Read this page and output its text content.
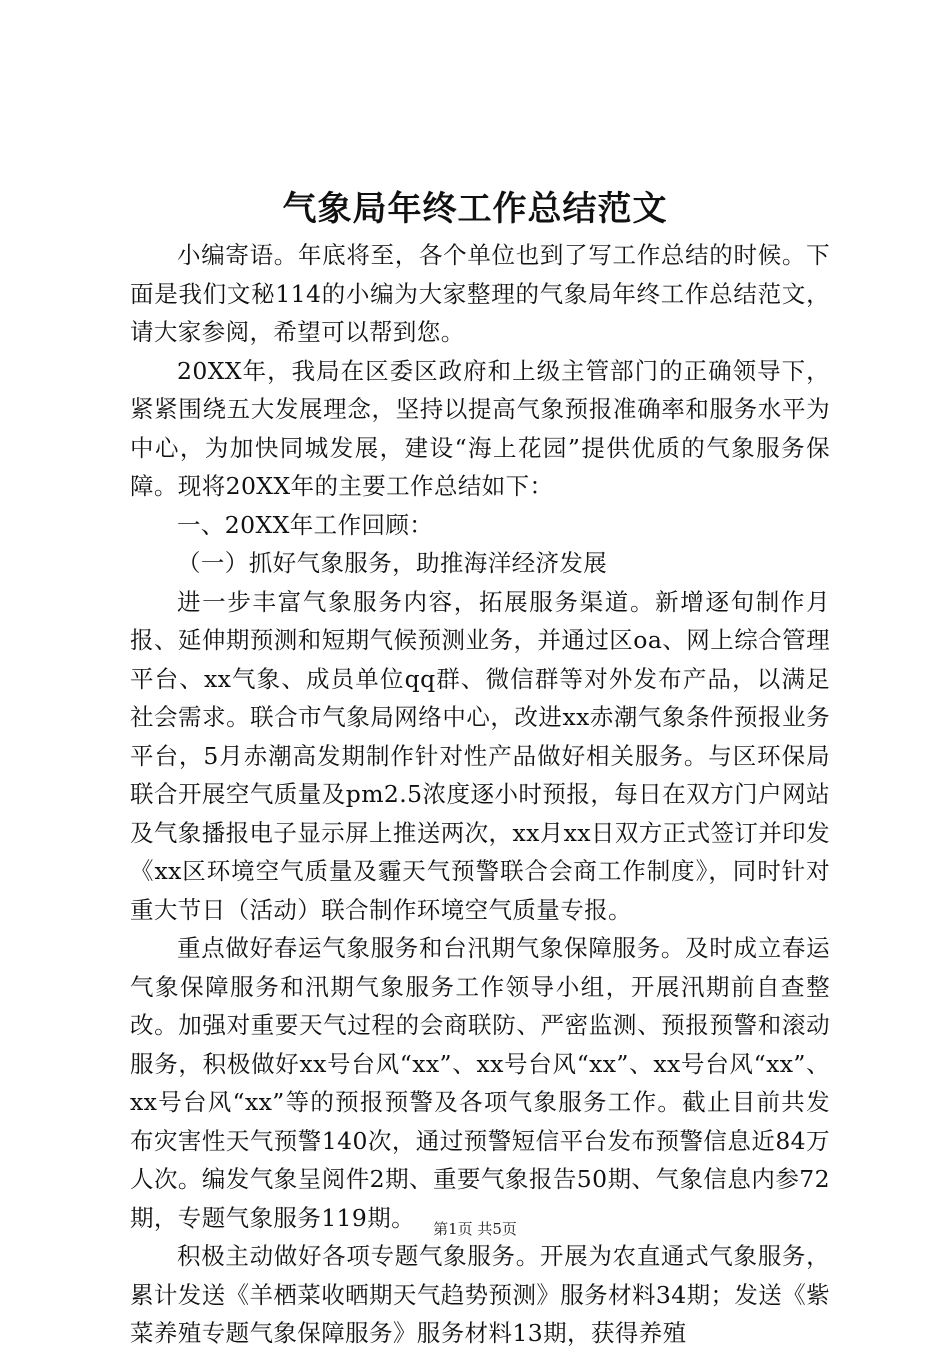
气象局年终工作总结范文

小编寄语。年底将至，各个单位也到了写工作总结的时候。下面是我们文秘114的小编为大家整理的气象局年终工作总结范文，请大家参阅，希望可以帮到您。

20XX年，我局在区委区政府和上级主管部门的正确领导下，紧紧围绕五大发展理念，坚持以提高气象预报准确率和服务水平为中心，为加快同城发展，建设“海上花园”提供优质的气象服务保障。现将20XX年的主要工作总结如下：

一、20XX年工作回顾：

（一）抓好气象服务，助推海洋经济发展

进一步丰富气象服务内容，拓展服务渠道。新增逐旬制作月报、延伸期预测和短期气候预测业务，并通过区oa、网上综合管理平台、xx气象、成员单位qq群、微信群等对外发布产品，以满足社会需求。联合市气象局网络中心，改进xx赤潮气象条件预报业务平台，5月赤潮高发期制作针对性产品做好相关服务。与区环保局联合开展空气质量及pm2.5浓度逐小时预报，每日在双方门户网站及气象播报电子显示屏上推送两次，xx月xx日双方正式签订并印发《xx区环境空气质量及霾天气预警联合会商工作制度》，同时针对重大节日（活动）联合制作环境空气质量专报。

重点做好春运气象服务和台汛期气象保障服务。及时成立春运气象保障服务和汛期气象服务工作领导小组，开展汛期前自查整改。加强对重要天气过程的会商联防、严密监测、预报预警和滚动服务，积极做好xx号台风“xx”、xx号台风“xx”、xx号台风“xx”、xx号台风“xx”等的预报预警及各项气象服务工作。截止目前共发布灾害性天气预警140次，通过预警短信平台发布预警信息近84万人次。编发气象呈阅件2期、重要气象报告50期、气象信息内参72期，专题气象服务119期。

积极主动做好各项专题气象服务。开展为农直通式气象服务，累计发送《羊栖菜收晒期天气趋势预测》服务材料34期；发送《紫菜养殖专题气象保障服务》服务材料13期，获得养殖

第1页 共5页
